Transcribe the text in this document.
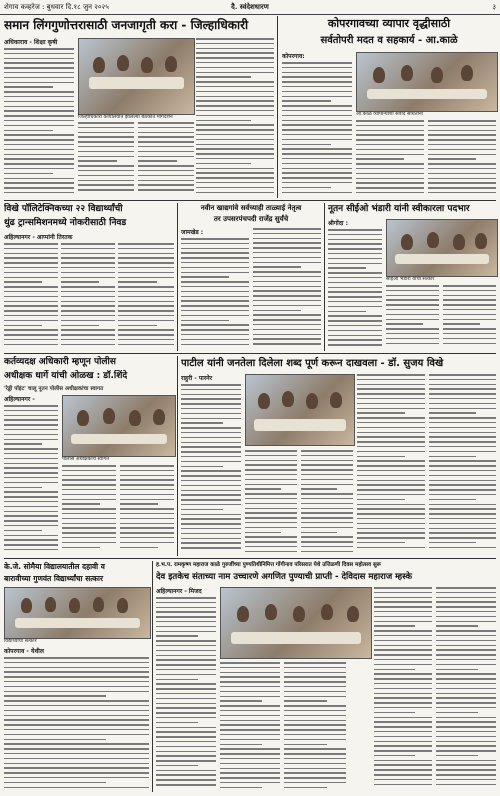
शेगाव कव्हरेज : बुधवार दि.१८ जुन २०२५	दै. स्वंदेशधारण	३
समान लिंगगुणोत्तरासाठी जनजागृती करा - जिल्हाधिकारी
अधिकाराव - शिक्षा कृषी
जिल्हाधिकारी कार्यालयात झालेल्या बैठकीत मार्गदर्शन
कोपरगावच्या व्यापार वृद्धीसाठी
सर्वतोपरी मदत व सहकार्य - आ.काळे
कोपरगाव:
आ.काळे व्यापाऱ्यांशी संवाद साधताना
विखे पॉलिटेक्निकच्या २२ विद्यार्थ्यांची
थुंढ ट्रान्समिशनमध्ये नोकरीसाठी निवड
अहिल्यानगर - आप्पांनी तिरतक
नवीन खाद्यगांवे सर्वच्याही ताळ्याई नेतृत्व
तर उपसरपंचपदी राजेंद्र सुर्यंचे
जामखेड :
नूतन सीईओ भंडारी यांनी स्वीकारला पदभार
श्रीगोंदा :
सीईओ भंडारी यांचा सत्कार
कर्तव्यदक्ष अधिकारी म्हणून पोलीस
अधीक्षक धार्गे यांची ओळख : डॉ.शिंदे
'रेड्डी पॉइंट' चालू नूतन पोलीस अधीक्षकांचा स्वागत
अहिल्यानगर -
पोलीस अधीक्षकांचे स्वागत
पाटील यांनी जनतेला दिलेला शब्द पूर्ण करून दाखवला - डॉ. सुजय विखे
राहुरी - पारनेर
के.जे. सोमैया विद्यालयातील दहावी व
बारावीच्या गुणवंत विद्यार्थ्यांचा सत्कार
विद्यार्थ्यांचा सत्कार
कोपरगाव - येथील
ह.भ.प. रामकृष्ण महाराज काळे गुरुजींच्या पुण्यतिथीनिमित्त गोंगीनाव परिसरात येथे उत्तिळणी दिवस महोत्सव सुरू
देव इतकेच संताच्या नाम उच्चारणे अगणित पुण्याची प्राप्ती - देविदास महाराज म्हस्के
अहिल्यानगर - मिजद
